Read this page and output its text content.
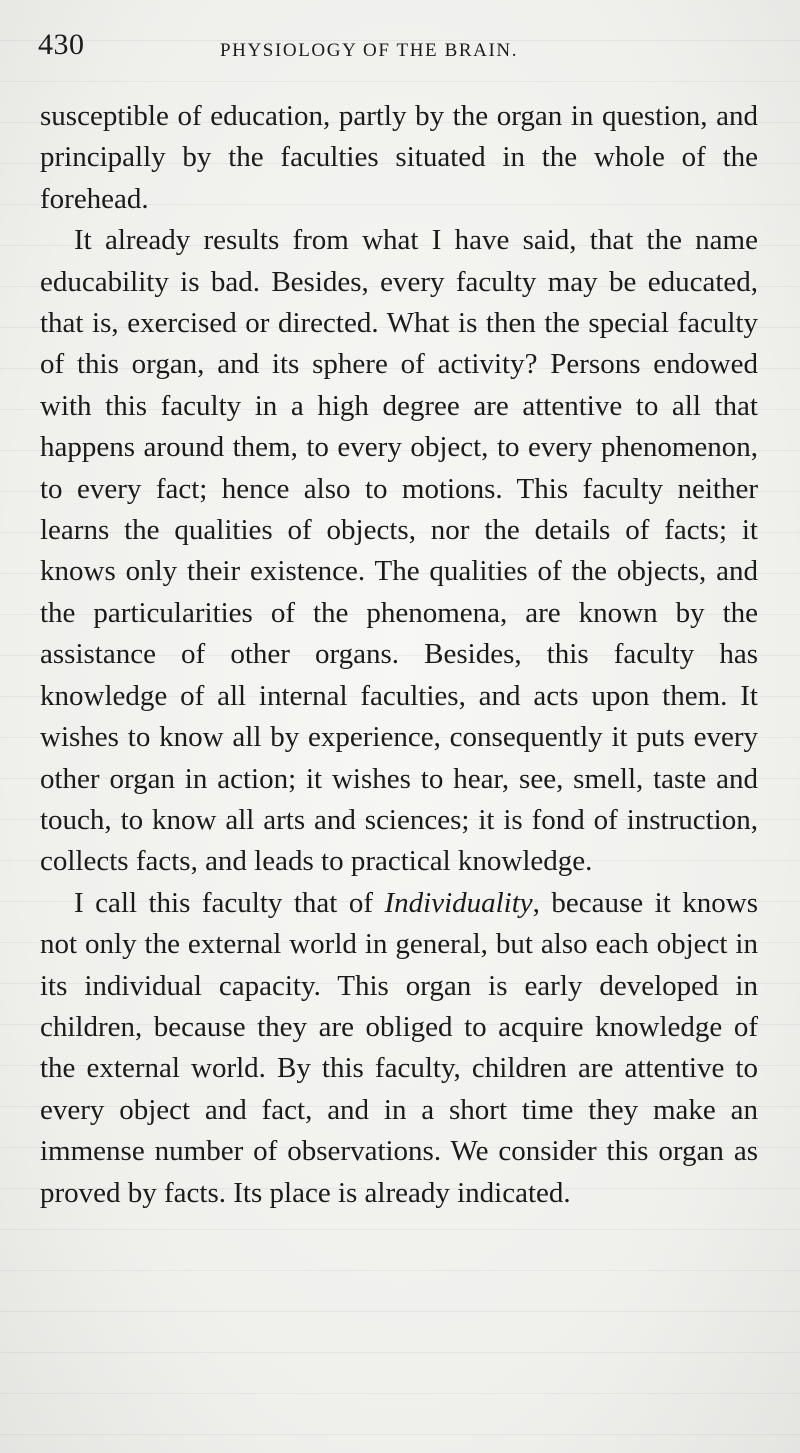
430	PHYSIOLOGY OF THE BRAIN.

susceptible of education, partly by the organ in question, and principally by the faculties situated in the whole of the forehead.

It already results from what I have said, that the name educability is bad. Besides, every faculty may be educated, that is, exercised or directed. What is then the special faculty of this organ, and its sphere of activity? Persons endowed with this faculty in a high degree are attentive to all that happens around them, to every object, to every phenomenon, to every fact; hence also to motions. This faculty neither learns the qualities of objects, nor the details of facts; it knows only their existence. The qualities of the objects, and the particularities of the phenomena, are known by the assistance of other organs. Besides, this faculty has knowledge of all internal faculties, and acts upon them. It wishes to know all by experience, consequently it puts every other organ in action; it wishes to hear, see, smell, taste and touch, to know all arts and sciences; it is fond of instruction, collects facts, and leads to practical knowledge.

I call this faculty that of Individuality, because it knows not only the external world in general, but also each object in its individual capacity. This organ is early developed in children, because they are obliged to acquire knowledge of the external world. By this faculty, children are attentive to every object and fact, and in a short time they make an immense number of observations. We consider this organ as proved by facts. Its place is already indicated.
